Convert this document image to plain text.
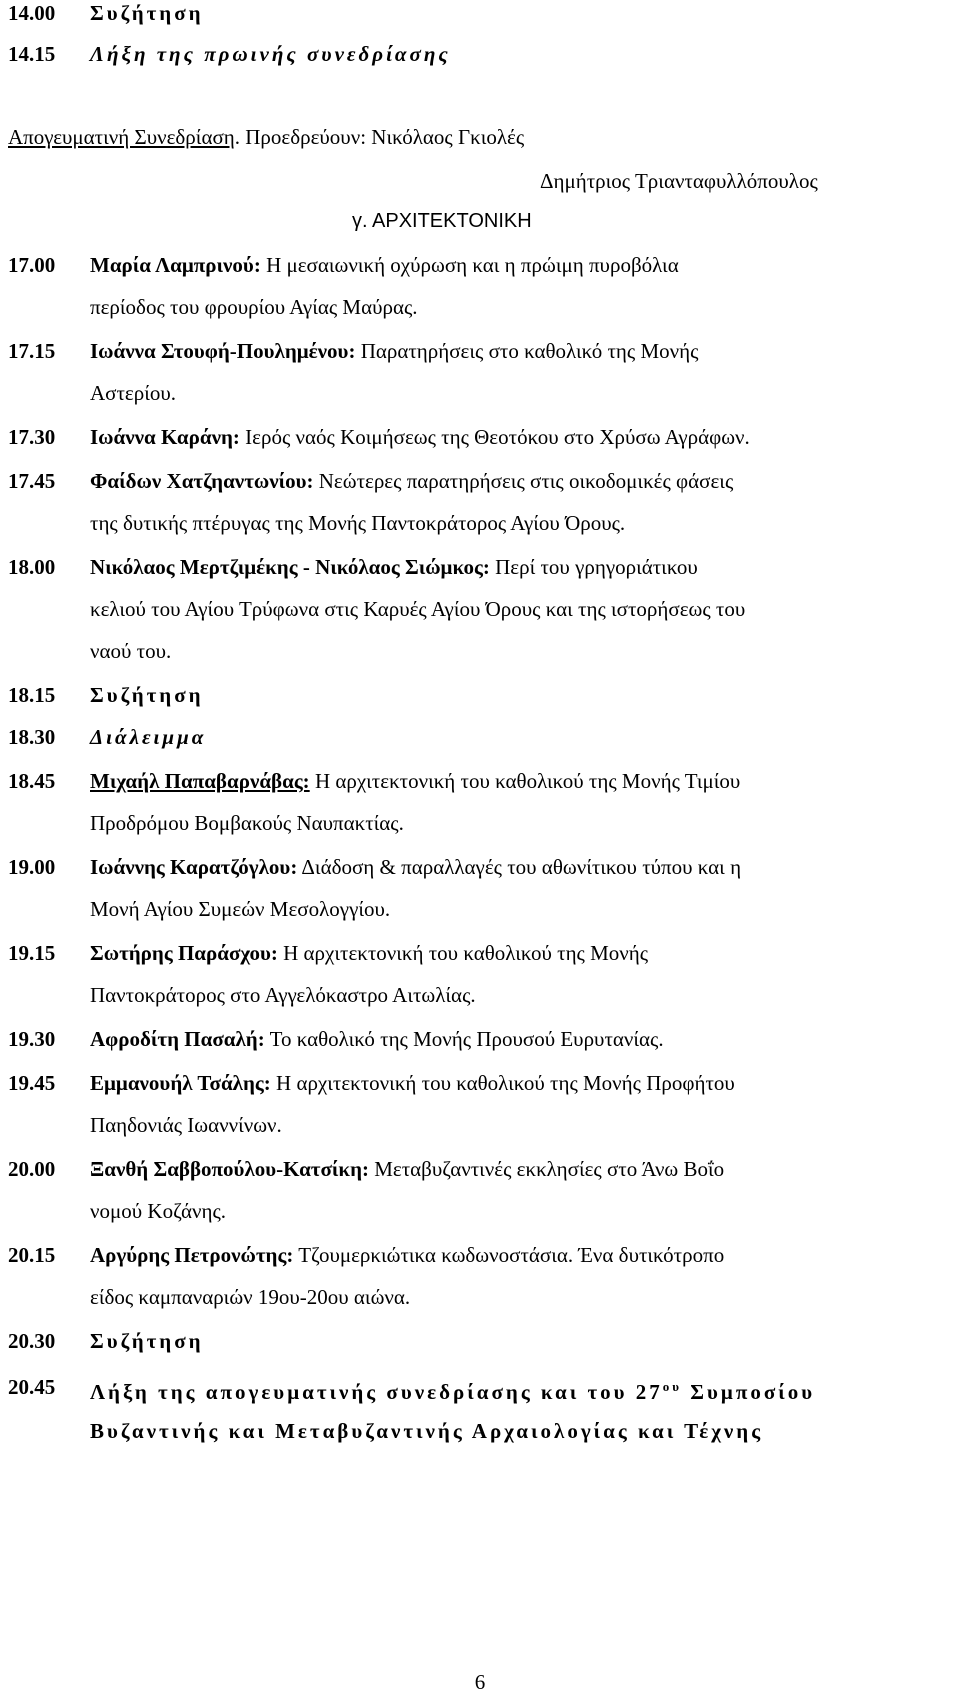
14.00 Συζήτηση
14.15 Λήξη της πρωινής συνεδρίασης
Απογευματινή Συνεδρίαση. Προεδρεύουν: Νικόλαος Γκιολές
Δημήτριος Τριανταφυλλόπουλος
γ. ΑΡΧΙΤΕΚΤΟΝΙΚΗ
17.00 Μαρία Λαμπρινού: Η μεσαιωνική οχύρωση και η πρώιμη πυροβόλια
περίοδος του φρουρίου Αγίας Μαύρας.
17.15 Ιωάννα Στουφή-Πουλημένου: Παρατηρήσεις στο καθολικό της Μονής
Αστερίου.
17.30 Ιωάννα Καράνη: Ιερός ναός Κοιμήσεως της Θεοτόκου στο Χρύσω Αγράφων.
17.45 Φαίδων Χατζηαντωνίου: Νεώτερες παρατηρήσεις στις οικοδομικές φάσεις
της δυτικής πτέρυγας της Μονής Παντοκράτορος Αγίου Όρους.
18.00 Νικόλαος Μερτζιμέκης - Νικόλαος Σιώμκος: Περί του γρηγοριάτικου
κελιού του Αγίου Τρύφωνα στις Καρυές Αγίου Όρους και της ιστορήσεως του
ναού του.
18.15 Συζήτηση
18.30 Διάλειμμα
18.45 Μιχαήλ Παπαβαρνάβας: Η αρχιτεκτονική του καθολικού της Μονής Τιμίου
Προδρόμου Βομβακούς Ναυπακτίας.
19.00 Ιωάννης Καρατζόγλου: Διάδοση & παραλλαγές του αθωνίτικου τύπου και η
Μονή Αγίου Συμεών Μεσολογγίου.
19.15 Σωτήρης Παράσχου: Η αρχιτεκτονική του καθολικού της Μονής
Παντοκράτορος στο Αγγελόκαστρο Αιτωλίας.
19.30 Αφροδίτη Πασαλή: Το καθολικό της Μονής Προυσού Ευρυτανίας.
19.45 Εμμανουήλ Τσάλης: Η αρχιτεκτονική του καθολικού της Μονής Προφήτου
Παηδονιάς Ιωαννίνων.
20.00 Ξανθή Σαββοπούλου-Κατσίκη: Μεταβυζαντινές εκκλησίες στο Άνω Βοΐο
νομού Κοζάνης.
20.15 Αργύρης Πετρονώτης: Τζουμερκιώτικα κωδωνοστάσια. Ένα δυτικότροπο
είδος καμπαναριών 19ου-20ου αιώνα.
20.30 Συζήτηση
20.45 Λήξη της απογευματινής συνεδρίασης και του $27^{o\upsilon}$ Συμποσίου
Βυζαντινής και Μεταβυζαντινής Αρχαιολογίας και Τέχνης
6
